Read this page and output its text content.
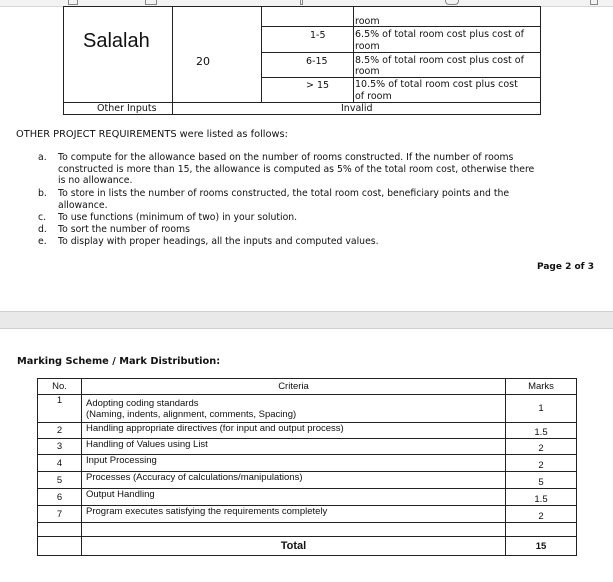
Salalah
20
room
1-5	6.5% of total room cost plus cost of
room
6-15	8.5% of total room cost plus cost of
room
> 15	10.5% of total room cost plus cost
of room
Other Inputs	Invalid
OTHER PROJECT REQUIREMENTS were listed as follows:
a. To compute for the allowance based on the number of rooms constructed. If the number of rooms
constructed is more than 15, the allowance is computed as 5% of the total room cost, otherwise there
is no allowance.
b. To store in lists the number of rooms constructed, the total room cost, beneficiary points and the
allowance.
c. To use functions (minimum of two) in your solution.
d. To sort the number of rooms
e. To display with proper headings, all the inputs and computed values.
Page 2 of 3
Marking Scheme / Mark Distribution:
No.	Criteria	Marks
1	Adopting coding standards
(Naming, indents, alignment, comments, Spacing)	1
2	Handling appropriate directives (for input and output process)	1.5
3	Handling of Values using List	2
4	Input Processing	2
5	Processes (Accuracy of calculations/manipulations)	5
6	Output Handling	1.5
7	Program executes satisfying the requirements completely	2

	Total	15
